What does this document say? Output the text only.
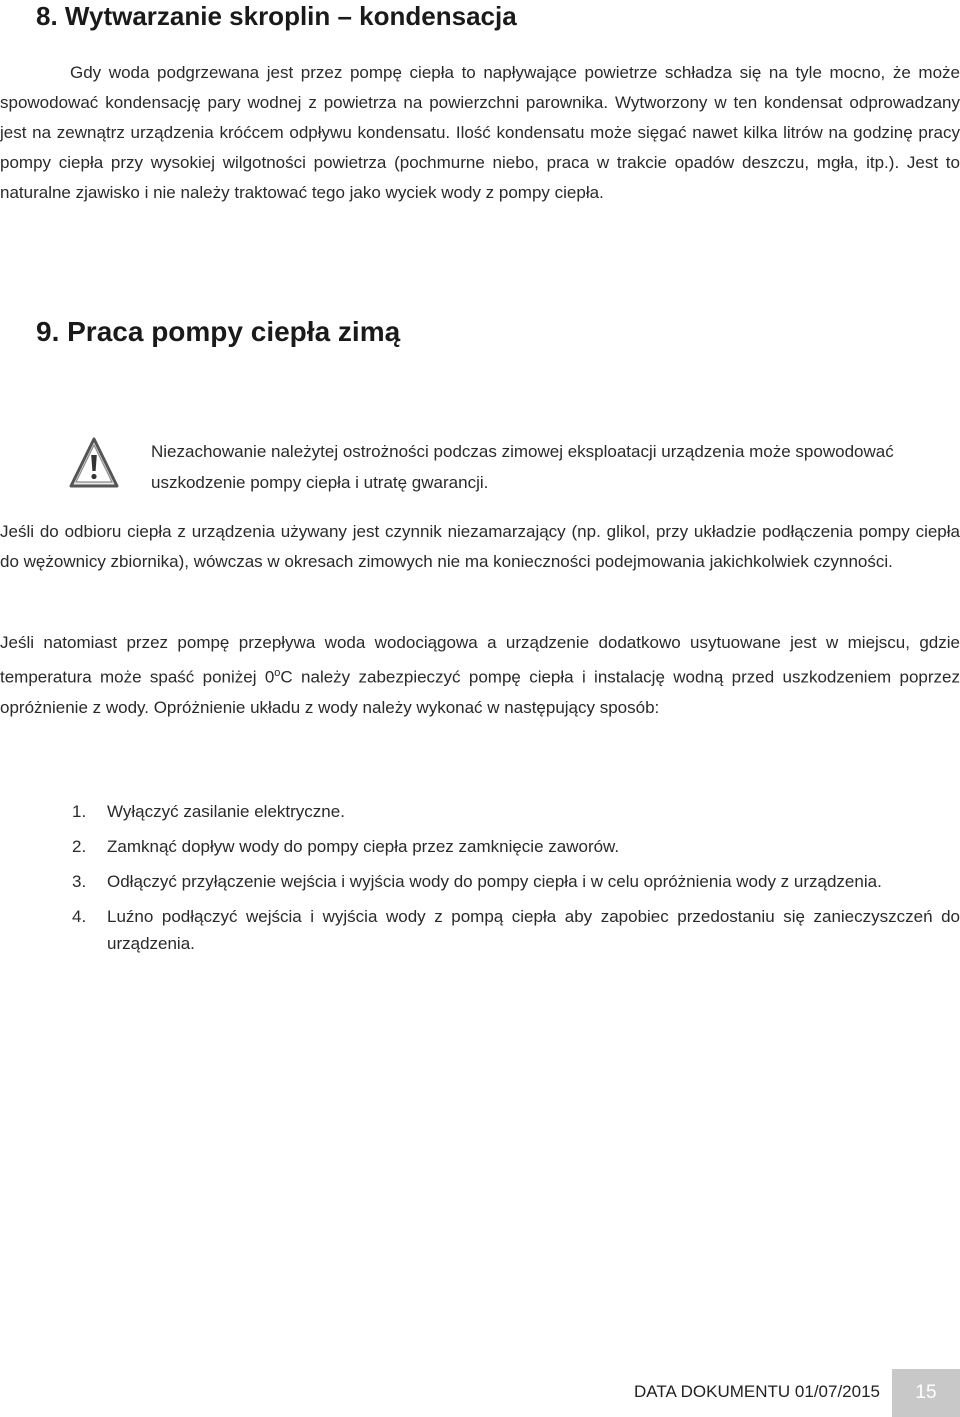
8. Wytwarzanie skroplin – kondensacja

Gdy woda podgrzewana jest przez pompę ciepła to napływające powietrze schładza się na tyle mocno, że może spowodować kondensację pary wodnej z powietrza na powierzchni parownika. Wytworzony w ten kondensat odprowadzany jest na zewnątrz urządzenia króćcem odpływu kondensatu. Ilość kondensatu może sięgać nawet kilka litrów na godzinę pracy pompy ciepła przy wysokiej wilgotności powietrza (pochmurne niebo, praca w trakcie opadów deszczu, mgła, itp.). Jest to naturalne zjawisko i nie należy traktować tego jako wyciek wody z pompy ciepła.

9. Praca pompy ciepła zimą

Niezachowanie należytej ostrożności podczas zimowej eksploatacji urządzenia może spowodować uszkodzenie pompy ciepła i utratę gwarancji.

Jeśli do odbioru ciepła z urządzenia używany jest czynnik niezamarzający (np. glikol, przy układzie podłączenia pompy ciepła do wężownicy zbiornika), wówczas w okresach zimowych nie ma konieczności podejmowania jakichkolwiek czynności.

Jeśli natomiast przez pompę przepływa woda wodociągowa a urządzenie dodatkowo usytuowane jest w miejscu, gdzie temperatura może spaść poniżej 0$^o$C należy zabezpieczyć pompę ciepła i instalację wodną przed uszkodzeniem poprzez opróżnienie z wody. Opróżnienie układu z wody należy wykonać w następujący sposób:

1. Wyłączyć zasilanie elektryczne.
2. Zamknąć dopływ wody do pompy ciepła przez zamknięcie zaworów.
3. Odłączyć przyłączenie wejścia i wyjścia wody do pompy ciepła i w celu opróżnienia wody z urządzenia.
4. Luźno podłączyć wejścia i wyjścia wody z pompą ciepła aby zapobiec przedostaniu się zanieczyszczeń do urządzenia.
DATA DOKUMENTU 01/07/2015	15
